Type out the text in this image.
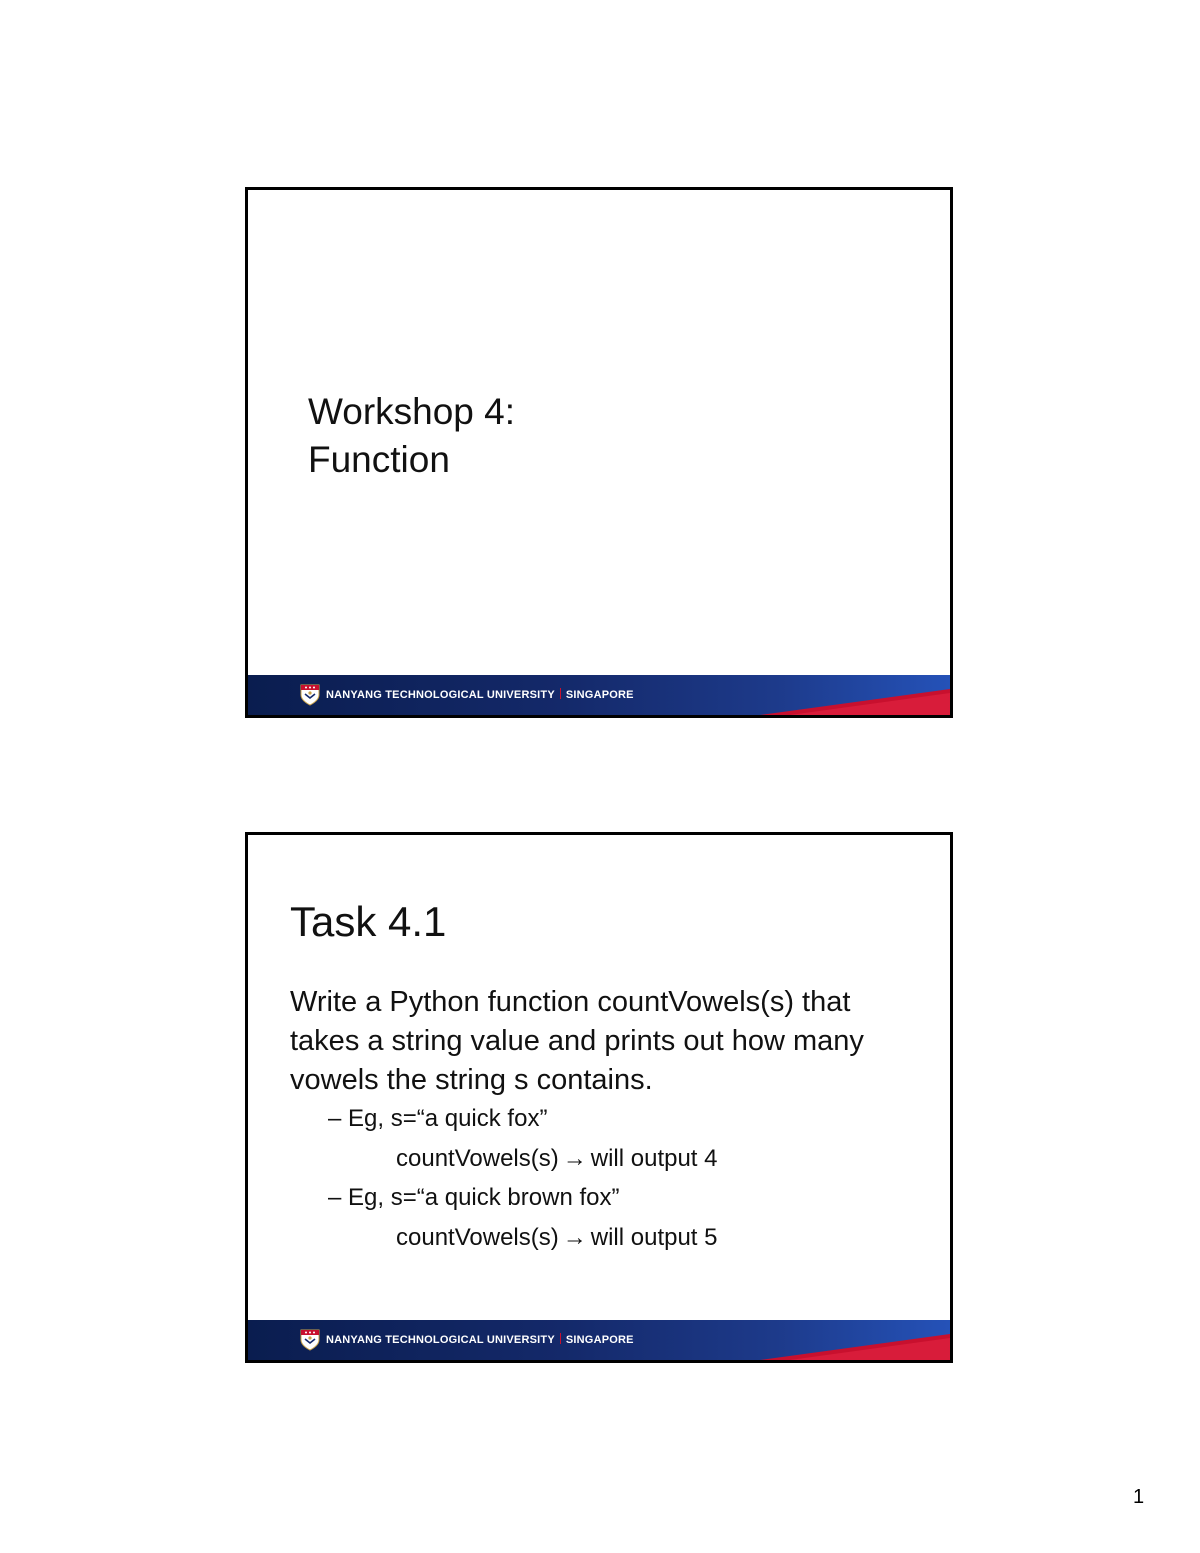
Workshop 4:
Function
NANYANG TECHNOLOGICAL UNIVERSITY SINGAPORE
Task 4.1
Write a Python function countVowels(s) that
takes a string value and prints out how many
vowels the string s contains.
– Eg, s=“a quick fox”
countVowels(s) → will output 4
– Eg, s=“a quick brown fox”
countVowels(s) → will output 5
NANYANG TECHNOLOGICAL UNIVERSITY SINGAPORE
1
